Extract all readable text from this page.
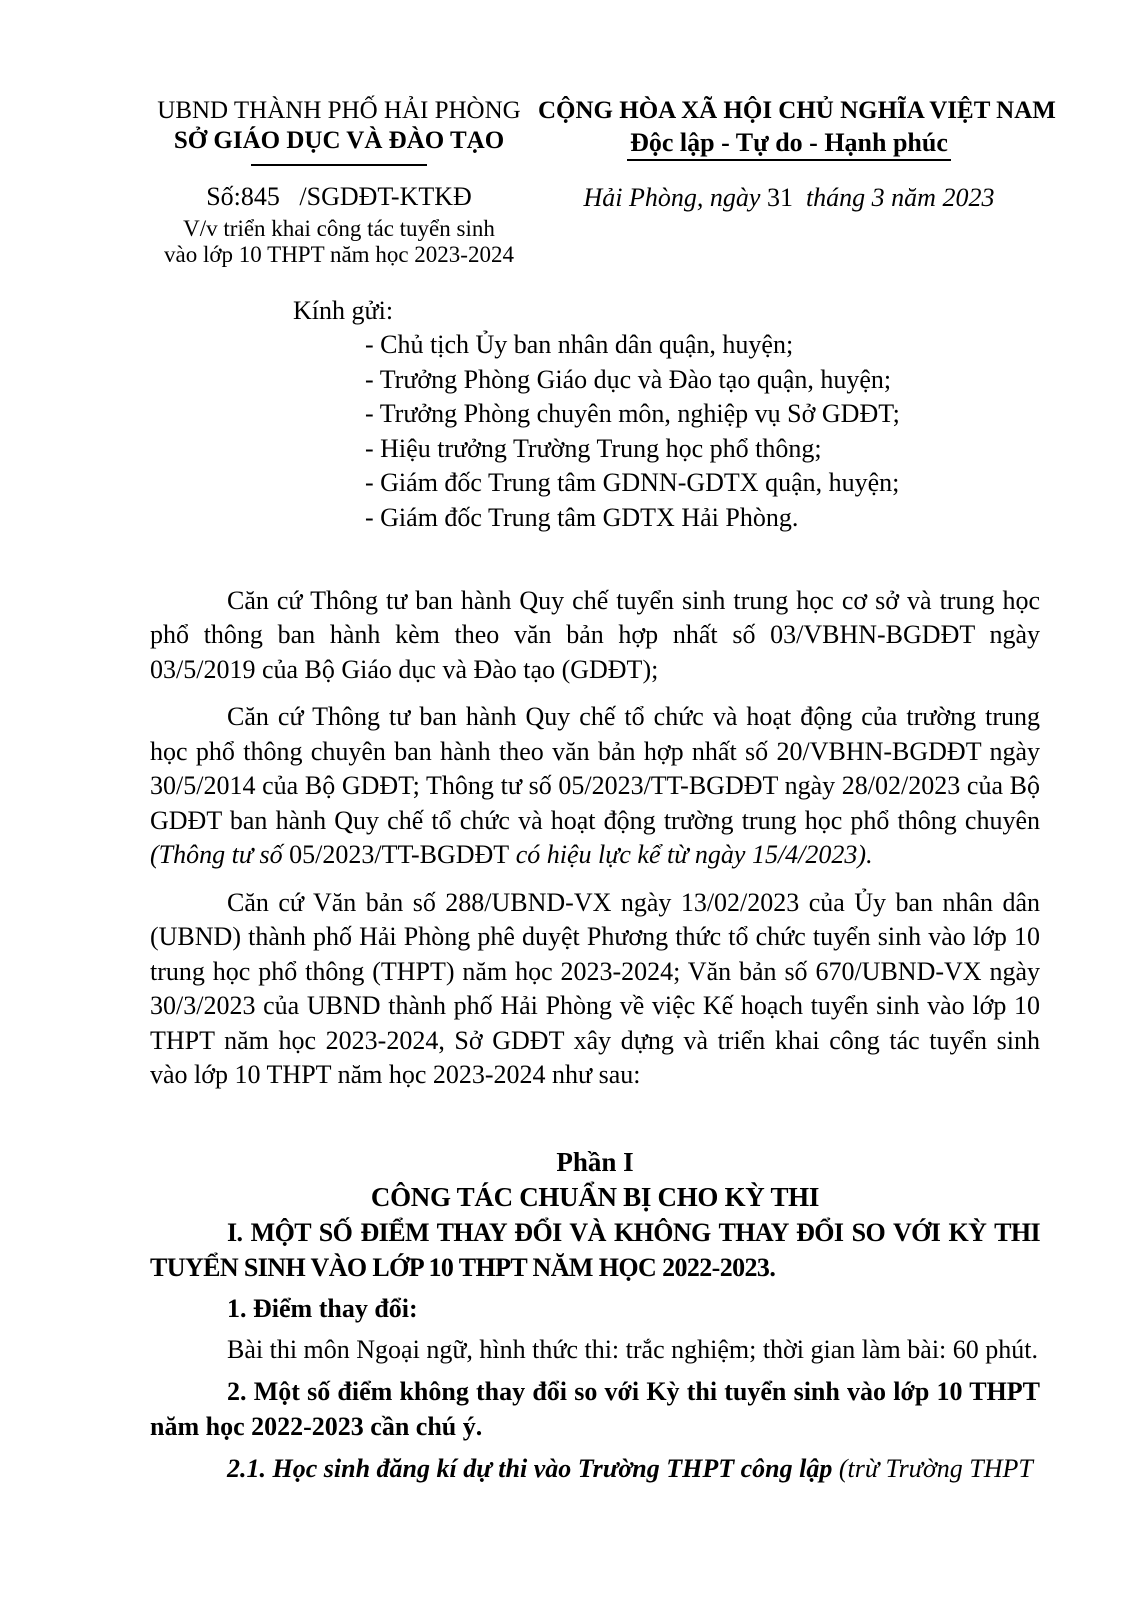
UBND THÀNH PHỐ HẢI PHÒNG
SỞ GIÁO DỤC VÀ ĐÀO TẠO
Số:845   /SGDĐT-KTKĐ
V/v triển khai công tác tuyển sinh
vào lớp 10 THPT năm học 2023-2024
CỘNG HÒA XÃ HỘI CHỦ NGHĨA VIỆT NAM
Độc lập - Tự do - Hạnh phúc
Hải Phòng, ngày 31  tháng 3 năm 2023
Kính gửi:
- Chủ tịch Ủy ban nhân dân quận, huyện;
- Trưởng Phòng Giáo dục và Đào tạo quận, huyện;
- Trưởng Phòng chuyên môn, nghiệp vụ Sở GDĐT;
- Hiệu trưởng Trường Trung học phổ thông;
- Giám đốc Trung tâm GDNN-GDTX quận, huyện;
- Giám đốc Trung tâm GDTX Hải Phòng.

Căn cứ Thông tư ban hành Quy chế tuyển sinh trung học cơ sở và trung học phổ thông ban hành kèm theo văn bản hợp nhất số 03/VBHN-BGDĐT ngày 03/5/2019 của Bộ Giáo dục và Đào tạo (GDĐT);

Căn cứ Thông tư ban hành Quy chế tổ chức và hoạt động của trường trung học phổ thông chuyên ban hành theo văn bản hợp nhất số 20/VBHN-BGDĐT ngày 30/5/2014 của Bộ GDĐT; Thông tư số 05/2023/TT-BGDĐT ngày 28/02/2023 của Bộ GDĐT ban hành Quy chế tổ chức và hoạt động trường trung học phổ thông chuyên (Thông tư số 05/2023/TT-BGDĐT có hiệu lực kể từ ngày 15/4/2023).

Căn cứ Văn bản số 288/UBND-VX ngày 13/02/2023 của Ủy ban nhân dân (UBND) thành phố Hải Phòng phê duyệt Phương thức tổ chức tuyển sinh vào lớp 10 trung học phổ thông (THPT) năm học 2023-2024; Văn bản số 670/UBND-VX ngày 30/3/2023 của UBND thành phố Hải Phòng về việc Kế hoạch tuyển sinh vào lớp 10 THPT năm học 2023-2024, Sở GDĐT xây dựng và triển khai công tác tuyển sinh vào lớp 10 THPT năm học 2023-2024 như sau:

Phần I
CÔNG TÁC CHUẨN BỊ CHO KỲ THI

I. MỘT SỐ ĐIỂM THAY ĐỔI VÀ KHÔNG THAY ĐỔI SO VỚI KỲ THI TUYỂN SINH VÀO LỚP 10 THPT NĂM HỌC 2022-2023.

1. Điểm thay đổi:

Bài thi môn Ngoại ngữ, hình thức thi: trắc nghiệm; thời gian làm bài: 60 phút.

2. Một số điểm không thay đổi so với Kỳ thi tuyển sinh vào lớp 10 THPT năm học 2022-2023 cần chú ý.

2.1. Học sinh đăng kí dự thi vào Trường THPT công lập (trừ Trường THPT
